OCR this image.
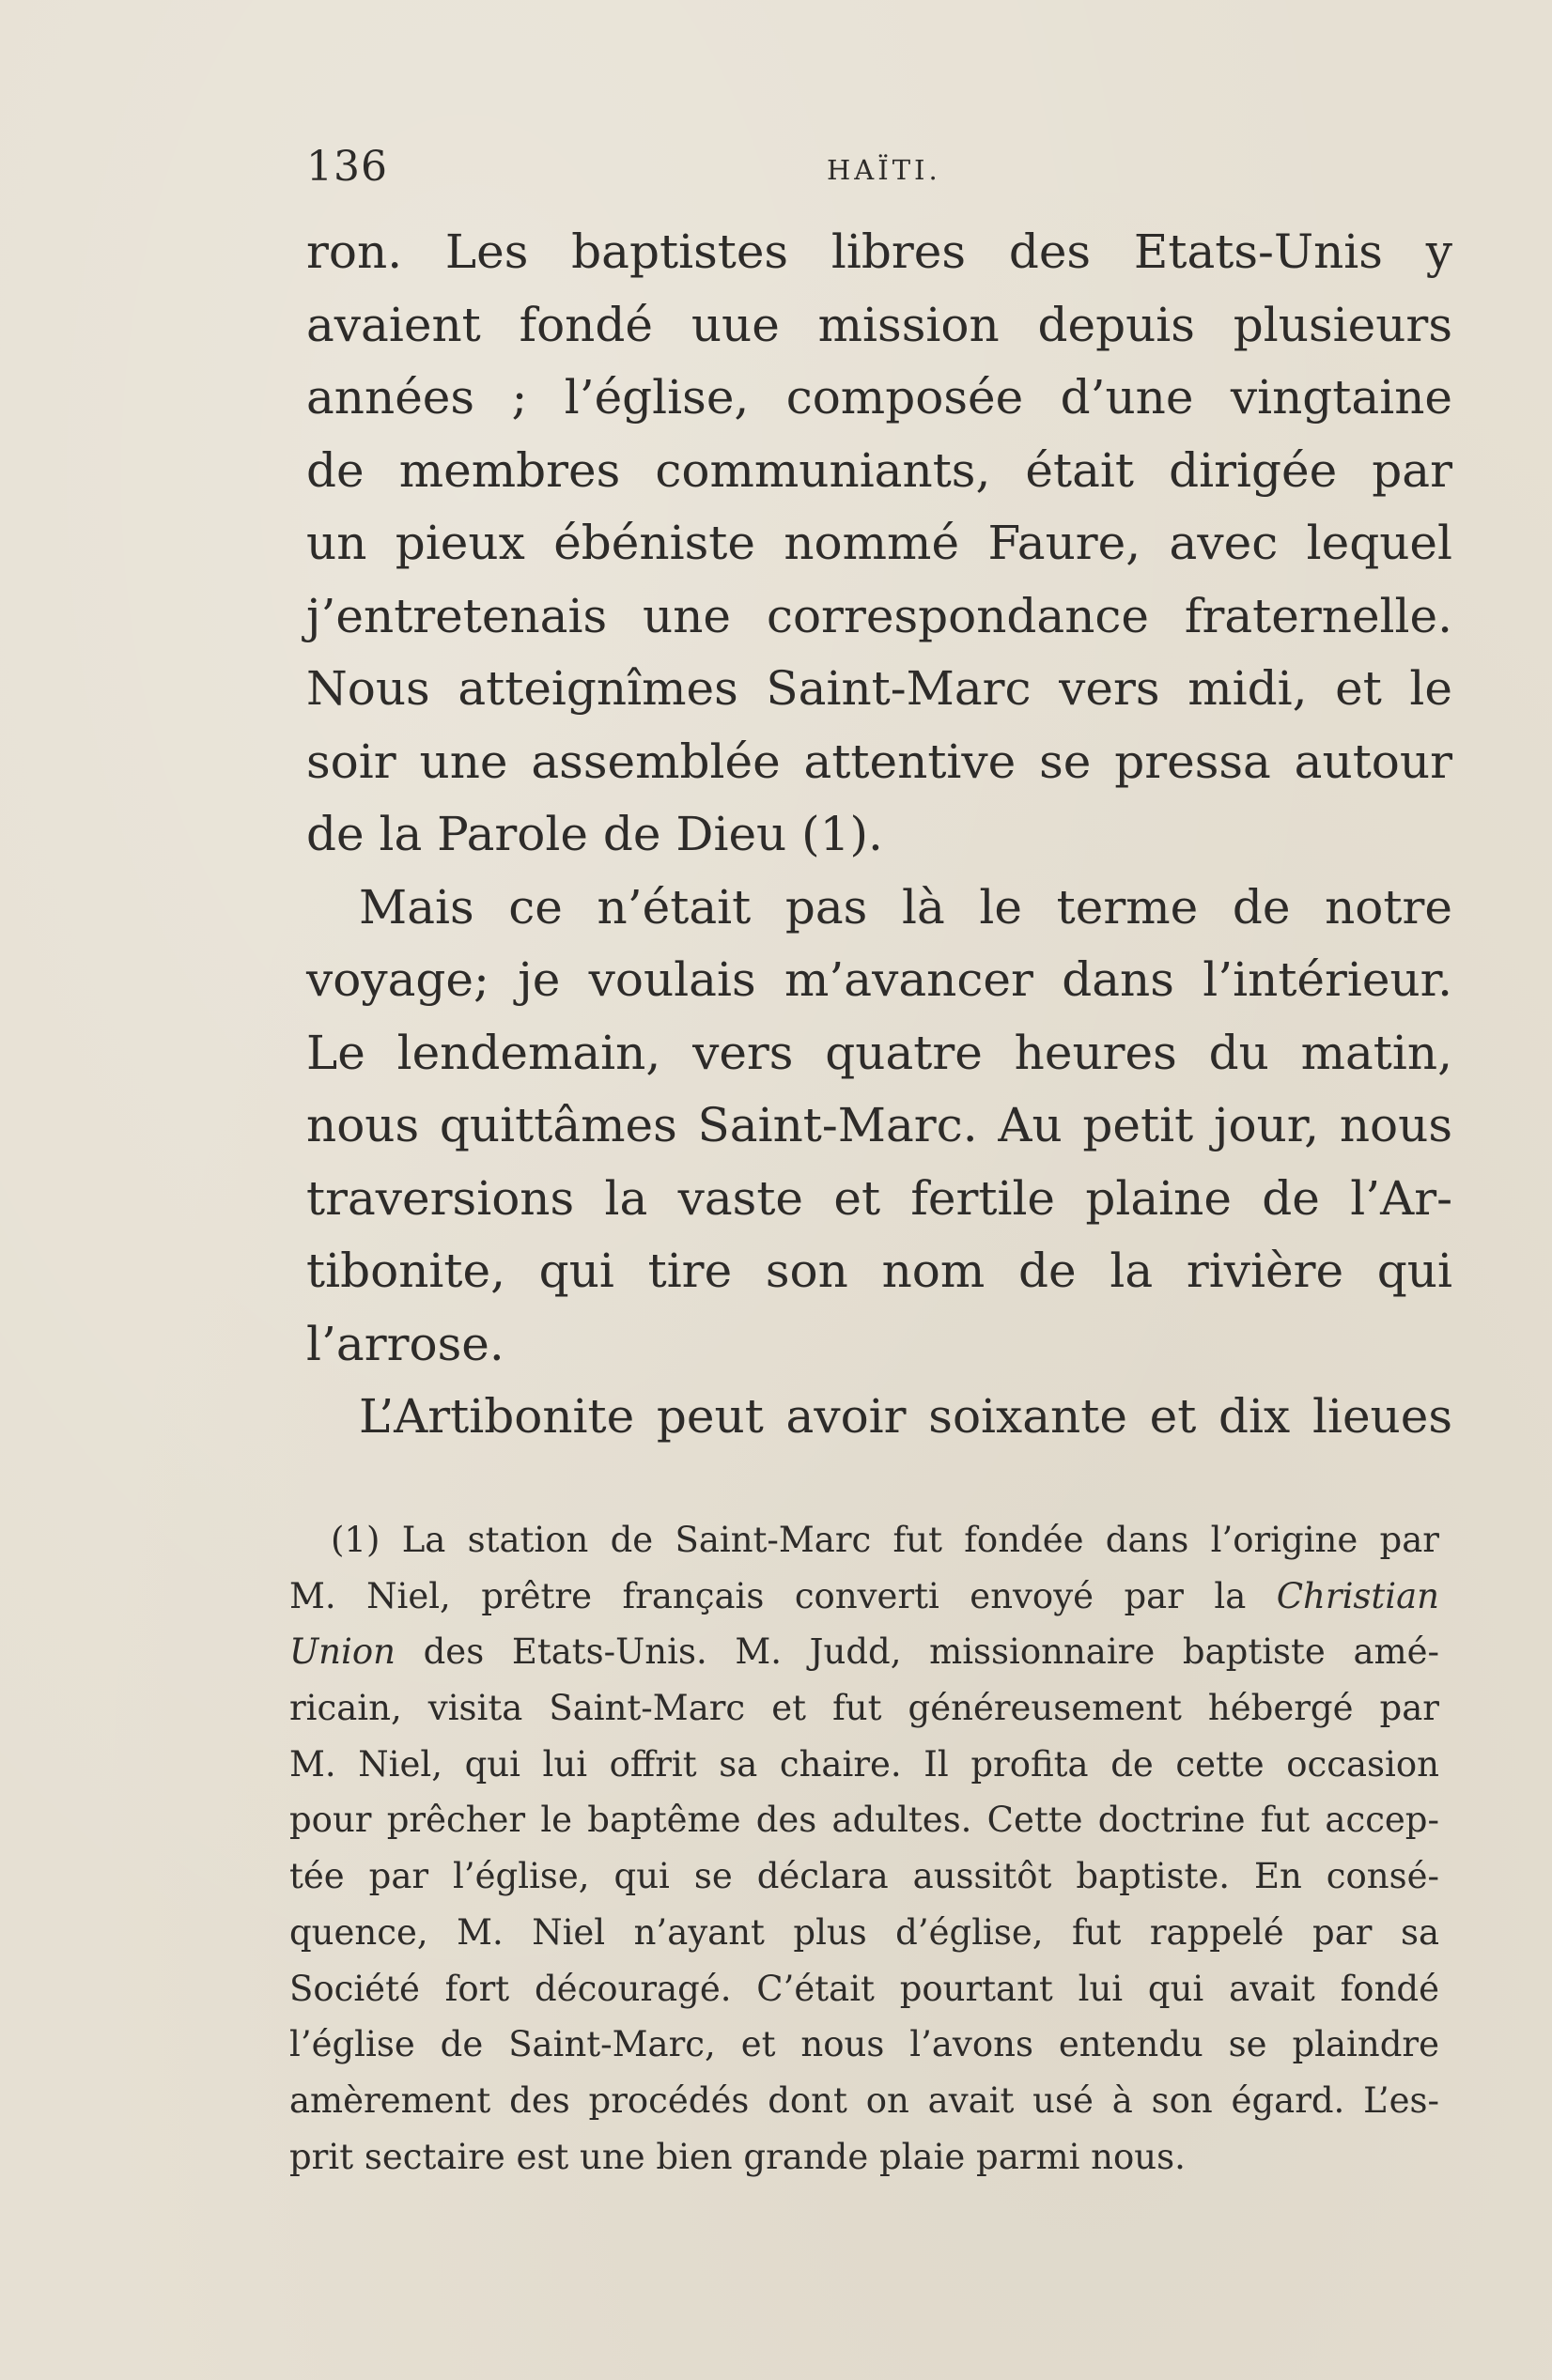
136	HAÏTI.
ron. Les baptistes libres des Etats-Unis y
avaient fondé uue mission depuis plusieurs
années ; l’église, composée d’une vingtaine
de membres communiants, était dirigée par
un pieux ébéniste nommé Faure, avec lequel
j’entretenais une correspondance fraternelle.
Nous atteignîmes Saint-Marc vers midi, et le
soir une assemblée attentive se pressa autour
de la Parole de Dieu (1).
Mais ce n’était pas là le terme de notre
voyage; je voulais m’avancer dans l’intérieur.
Le lendemain, vers quatre heures du matin,
nous quittâmes Saint-Marc. Au petit jour, nous
traversions la vaste et fertile plaine de l’Ar-
tibonite, qui tire son nom de la rivière qui
l’arrose.
L’Artibonite peut avoir soixante et dix lieues
(1) La station de Saint-Marc fut fondée dans l’origine par
M. Niel, prêtre français converti envoyé par la Christian
Union des Etats-Unis. M. Judd, missionnaire baptiste amé-
ricain, visita Saint-Marc et fut généreusement hébergé par
M. Niel, qui lui offrit sa chaire. Il profita de cette occasion
pour prêcher le baptême des adultes. Cette doctrine fut accep-
tée par l’église, qui se déclara aussitôt baptiste. En consé-
quence, M. Niel n’ayant plus d’église, fut rappelé par sa
Société fort découragé. C’était pourtant lui qui avait fondé
l’église de Saint-Marc, et nous l’avons entendu se plaindre
amèrement des procédés dont on avait usé à son égard. L’es-
prit sectaire est une bien grande plaie parmi nous.
